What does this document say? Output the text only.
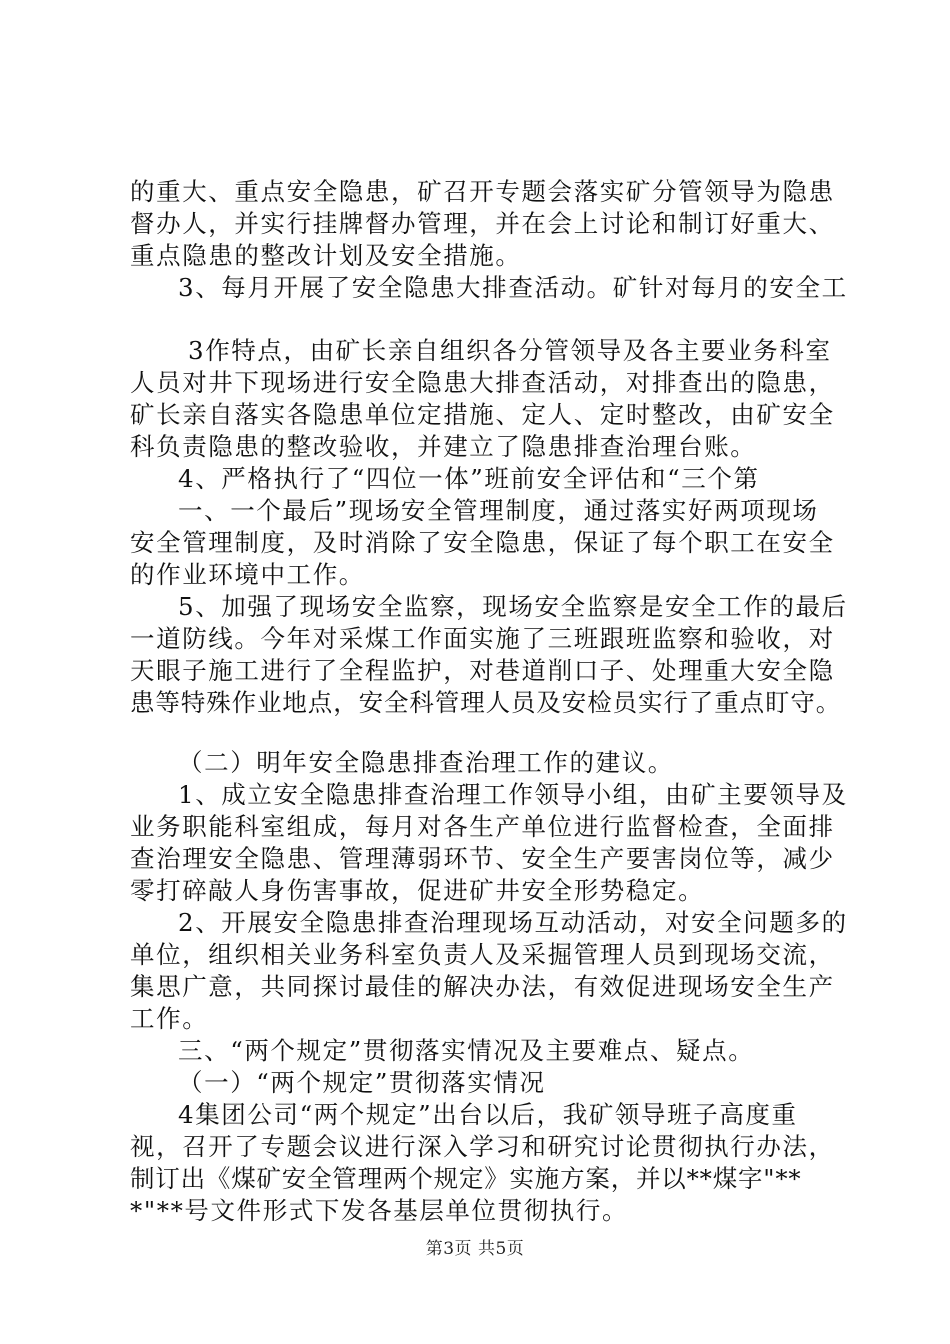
的重大、重点安全隐患，矿召开专题会落实矿分管领导为隐患
督办人，并实行挂牌督办管理，并在会上讨论和制订好重大、
重点隐患的整改计划及安全措施。
3、每月开展了安全隐患大排查活动。矿针对每月的安全工
3作特点，由矿长亲自组织各分管领导及各主要业务科室
人员对井下现场进行安全隐患大排查活动，对排查出的隐患，
矿长亲自落实各隐患单位定措施、定人、定时整改，由矿安全
科负责隐患的整改验收，并建立了隐患排查治理台账。
4、严格执行了“四位一体”班前安全评估和“三个第
一、一个最后”现场安全管理制度，通过落实好两项现场
安全管理制度，及时消除了安全隐患，保证了每个职工在安全
的作业环境中工作。
5、加强了现场安全监察，现场安全监察是安全工作的最后
一道防线。今年对采煤工作面实施了三班跟班监察和验收，对
天眼子施工进行了全程监护，对巷道削口子、处理重大安全隐
患等特殊作业地点，安全科管理人员及安检员实行了重点盯守。
（二）明年安全隐患排查治理工作的建议。
1、成立安全隐患排查治理工作领导小组，由矿主要领导及
业务职能科室组成，每月对各生产单位进行监督检查，全面排
查治理安全隐患、管理薄弱环节、安全生产要害岗位等，减少
零打碎敲人身伤害事故，促进矿井安全形势稳定。
2、开展安全隐患排查治理现场互动活动，对安全问题多的
单位，组织相关业务科室负责人及采掘管理人员到现场交流，
集思广意，共同探讨最佳的解决办法，有效促进现场安全生产
工作。
三、“两个规定”贯彻落实情况及主要难点、疑点。
（一）“两个规定”贯彻落实情况
4集团公司“两个规定”出台以后，我矿领导班子高度重
视，召开了专题会议进行深入学习和研究讨论贯彻执行办法，
制订出《煤矿安全管理两个规定》实施方案，并以**煤字"**
*"**号文件形式下发各基层单位贯彻执行。
第3页 共5页
